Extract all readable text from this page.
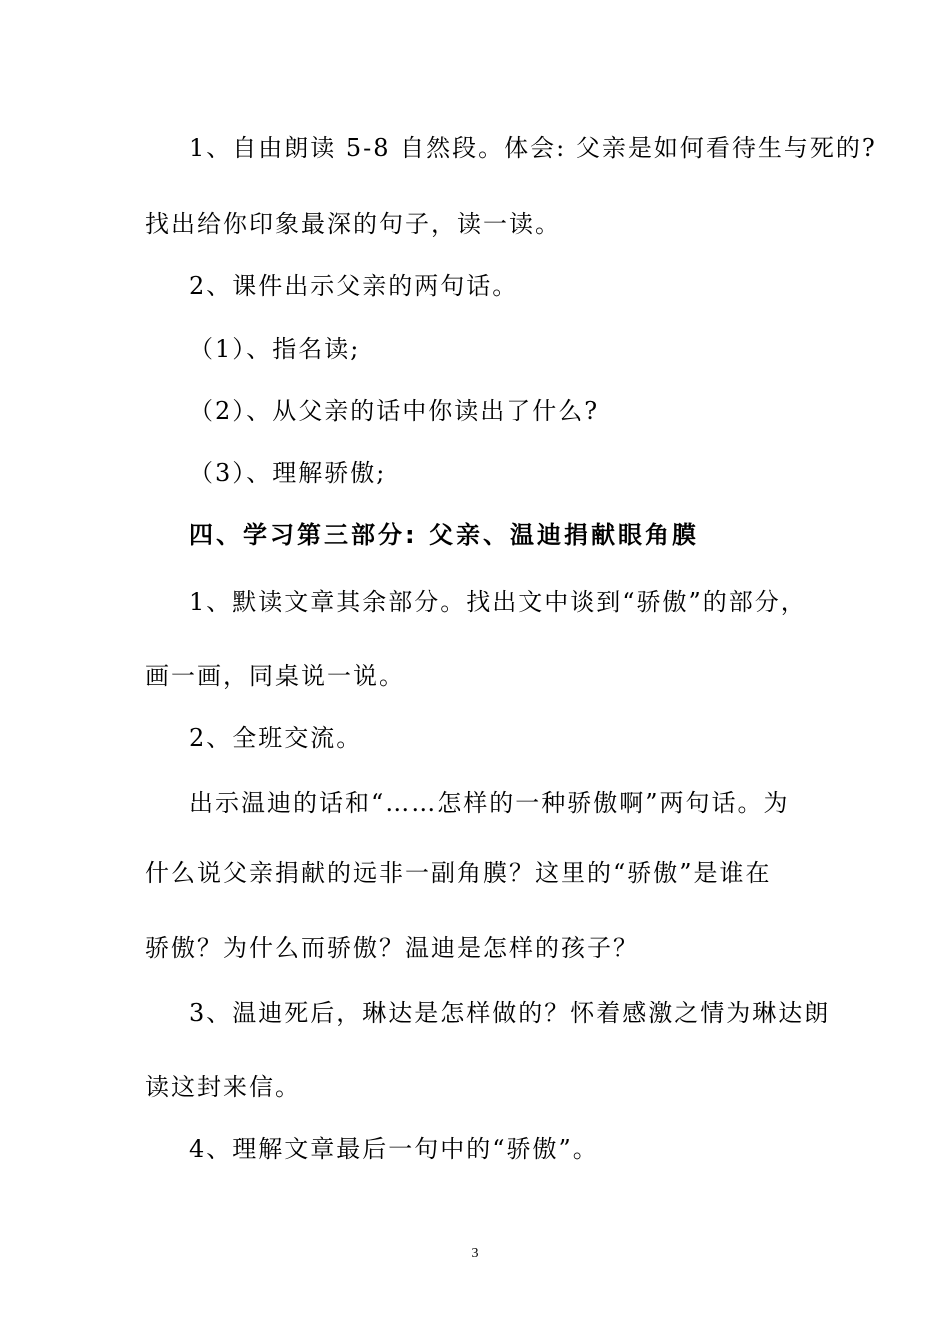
1、自由朗读 5-8 自然段。体会: 父亲是如何看待生与死的?
找出给你印象最深的句子，读一读。
2、课件出示父亲的两句话。
（1）、指名读;
（2）、从父亲的话中你读出了什么?
（3）、理解骄傲;
四、学习第三部分: 父亲、温迪捐献眼角膜
1、默读文章其余部分。找出文中谈到“骄傲”的部分，
画一画，同桌说一说。
2、全班交流。
出示温迪的话和“……怎样的一种骄傲啊”两句话。为
什么说父亲捐献的远非一副角膜？这里的“骄傲”是谁在
骄傲？为什么而骄傲？温迪是怎样的孩子？
3、温迪死后，琳达是怎样做的？怀着感激之情为琳达朗
读这封来信。
4、理解文章最后一句中的“骄傲”。
3
